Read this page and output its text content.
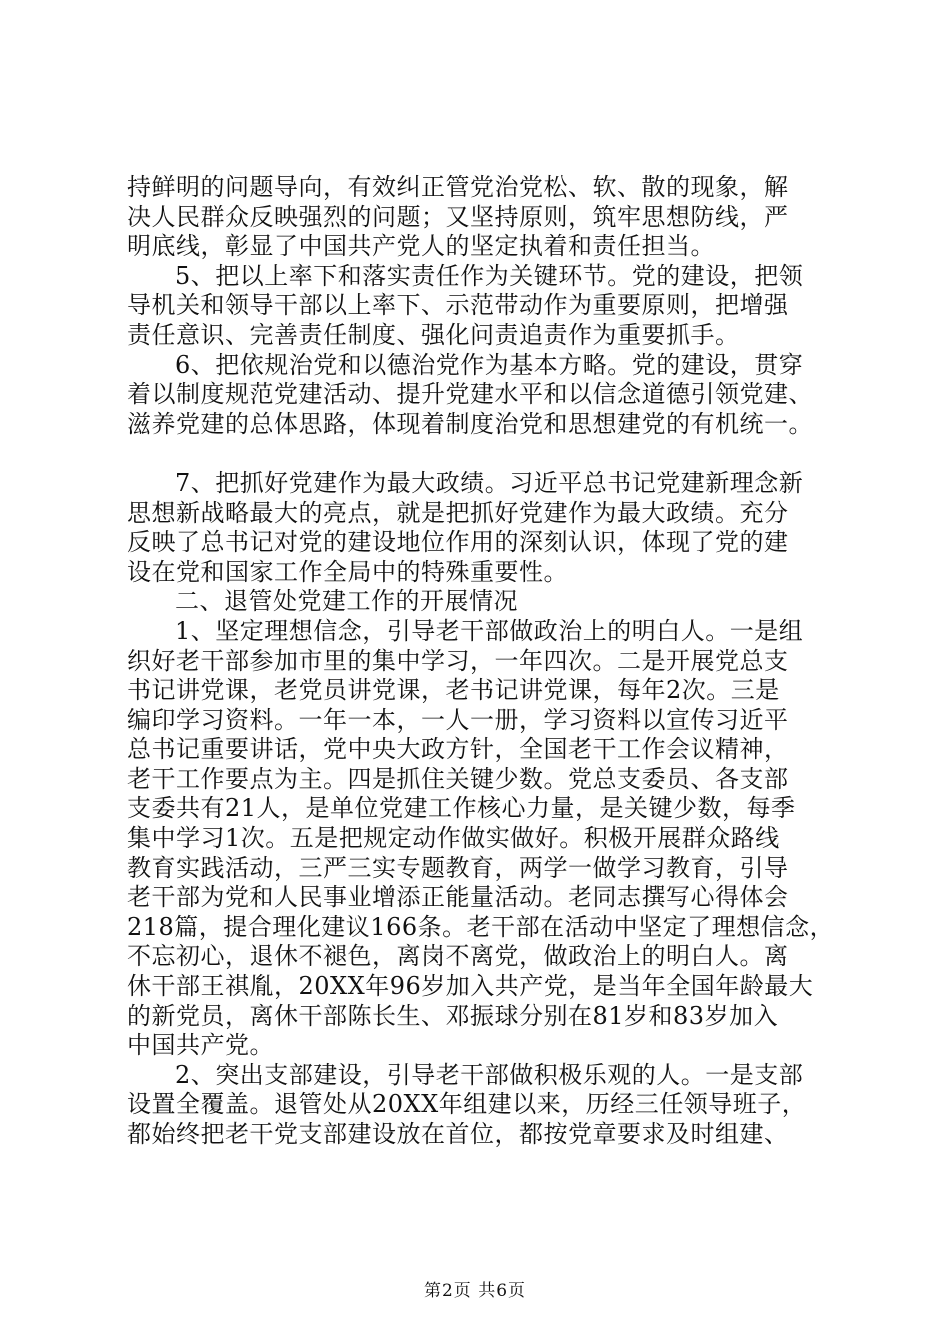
持鲜明的问题导向，有效纠正管党治党松、软、散的现象，解
决人民群众反映强烈的问题；又坚持原则，筑牢思想防线，严
明底线，彰显了中国共产党人的坚定执着和责任担当。
5、把以上率下和落实责任作为关键环节。党的建设，把领
导机关和领导干部以上率下、示范带动作为重要原则，把增强
责任意识、完善责任制度、强化问责追责作为重要抓手。
6、把依规治党和以德治党作为基本方略。党的建设，贯穿
着以制度规范党建活动、提升党建水平和以信念道德引领党建、
滋养党建的总体思路，体现着制度治党和思想建党的有机统一。
7、把抓好党建作为最大政绩。习近平总书记党建新理念新
思想新战略最大的亮点，就是把抓好党建作为最大政绩。充分
反映了总书记对党的建设地位作用的深刻认识，体现了党的建
设在党和国家工作全局中的特殊重要性。
二、退管处党建工作的开展情况
1、坚定理想信念，引导老干部做政治上的明白人。一是组
织好老干部参加市里的集中学习，一年四次。二是开展党总支
书记讲党课，老党员讲党课，老书记讲党课，每年2次。三是
编印学习资料。一年一本，一人一册，学习资料以宣传习近平
总书记重要讲话，党中央大政方针，全国老干工作会议精神，
老干工作要点为主。四是抓住关键少数。党总支委员、各支部
支委共有21人，是单位党建工作核心力量，是关键少数，每季
集中学习1次。五是把规定动作做实做好。积极开展群众路线
教育实践活动，三严三实专题教育，两学一做学习教育，引导
老干部为党和人民事业增添正能量活动。老同志撰写心得体会
218篇，提合理化建议166条。老干部在活动中坚定了理想信念，
不忘初心，退休不褪色，离岗不离党，做政治上的明白人。离
休干部王祺胤，20XX年96岁加入共产党，是当年全国年龄最大
的新党员，离休干部陈长生、邓振球分别在81岁和83岁加入
中国共产党。
2、突出支部建设，引导老干部做积极乐观的人。一是支部
设置全覆盖。退管处从20XX年组建以来，历经三任领导班子，
都始终把老干党支部建设放在首位，都按党章要求及时组建、
第2页 共6页
